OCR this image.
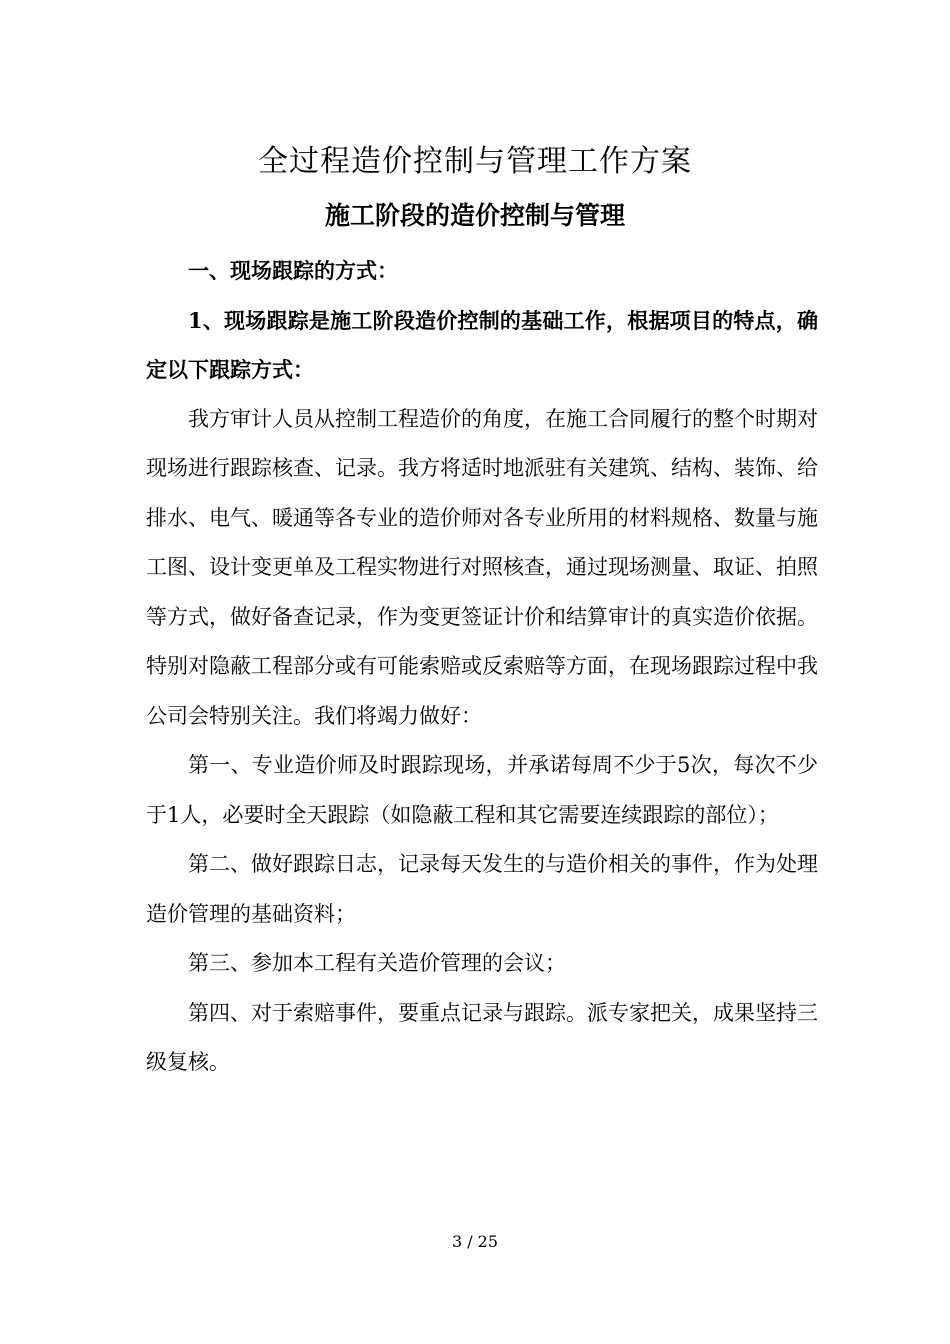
全过程造价控制与管理工作方案
施工阶段的造价控制与管理

一、现场跟踪的方式：

1、现场跟踪是施工阶段造价控制的基础工作，根据项目的特点，确定以下跟踪方式：

我方审计人员从控制工程造价的角度，在施工合同履行的整个时期对现场进行跟踪核查、记录。我方将适时地派驻有关建筑、结构、装饰、给排水、电气、暖通等各专业的造价师对各专业所用的材料规格、数量与施工图、设计变更单及工程实物进行对照核查，通过现场测量、取证、拍照等方式，做好备查记录，作为变更签证计价和结算审计的真实造价依据。特别对隐蔽工程部分或有可能索赔或反索赔等方面，在现场跟踪过程中我公司会特别关注。我们将竭力做好：

第一、专业造价师及时跟踪现场，并承诺每周不少于5次，每次不少于1人，必要时全天跟踪（如隐蔽工程和其它需要连续跟踪的部位）；

第二、做好跟踪日志，记录每天发生的与造价相关的事件，作为处理造价管理的基础资料；

第三、参加本工程有关造价管理的会议；

第四、对于索赔事件，要重点记录与跟踪。派专家把关，成果坚持三级复核。

3 / 25
